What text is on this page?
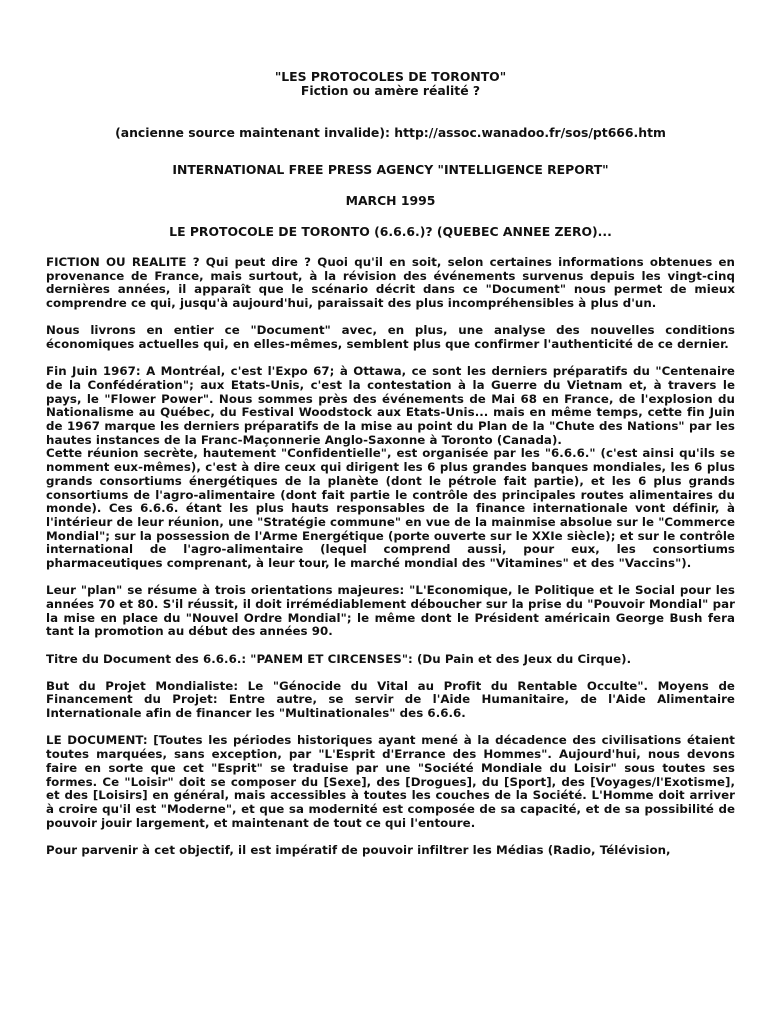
"LES PROTOCOLES DE TORONTO"

Fiction ou amère réalité ?

(ancienne source maintenant invalide): http://assoc.wanadoo.fr/sos/pt666.htm

INTERNATIONAL FREE PRESS AGENCY "INTELLIGENCE REPORT"

MARCH 1995

LE PROTOCOLE DE TORONTO (6.6.6.)? (QUEBEC ANNEE ZERO)...

FICTION OU REALITE ? Qui peut dire ? Quoi qu'il en soit, selon certaines informations obtenues en provenance de France, mais surtout, à la révision des événements survenus depuis les vingt-cinq dernières années, il apparaît que le scénario décrit dans ce "Document" nous permet de mieux comprendre ce qui, jusqu'à aujourd'hui, paraissait des plus incompréhensibles à plus d'un.

Nous livrons en entier ce "Document" avec, en plus, une analyse des nouvelles conditions économiques actuelles qui, en elles-mêmes, semblent plus que confirmer l'authenticité de ce dernier.

Fin Juin 1967: A Montréal, c'est l'Expo 67; à Ottawa, ce sont les derniers préparatifs du "Centenaire de la Confédération"; aux Etats-Unis, c'est la contestation à la Guerre du Vietnam et, à travers le pays, le "Flower Power". Nous sommes près des événements de Mai 68 en France, de l'explosion du Nationalisme au Québec, du Festival Woodstock aux Etats-Unis... mais en même temps, cette fin Juin de 1967 marque les derniers préparatifs de la mise au point du Plan de la "Chute des Nations" par les hautes instances de la Franc-Maçonnerie Anglo-Saxonne à Toronto (Canada).

Cette réunion secrète, hautement "Confidentielle", est organisée par les "6.6.6." (c'est ainsi qu'ils se nomment eux-mêmes), c'est à dire ceux qui dirigent les 6 plus grandes banques mondiales, les 6 plus grands consortiums énergétiques de la planète (dont le pétrole fait partie), et les 6 plus grands consortiums de l'agro-alimentaire (dont fait partie le contrôle des principales routes alimentaires du monde). Ces 6.6.6. étant les plus hauts responsables de la finance internationale vont définir, à l'intérieur de leur réunion, une "Stratégie commune" en vue de la mainmise absolue sur le "Commerce Mondial"; sur la possession de l'Arme Energétique (porte ouverte sur le XXIe siècle); et sur le contrôle international de l'agro-alimentaire (lequel comprend aussi, pour eux, les consortiums pharmaceutiques comprenant, à leur tour, le marché mondial des "Vitamines" et des "Vaccins").

Leur "plan" se résume à trois orientations majeures: "L'Economique, le Politique et le Social pour les années 70 et 80. S'il réussit, il doit irrémédiablement déboucher sur la prise du "Pouvoir Mondial" par la mise en place du "Nouvel Ordre Mondial"; le même dont le Président américain George Bush fera tant la promotion au début des années 90.

Titre du Document des 6.6.6.: "PANEM ET CIRCENSES": (Du Pain et des Jeux du Cirque).

But du Projet Mondialiste: Le "Génocide du Vital au Profit du Rentable Occulte". Moyens de Financement du Projet: Entre autre, se servir de l'Aide Humanitaire, de l'Aide Alimentaire Internationale afin de financer les "Multinationales" des 6.6.6.

LE DOCUMENT: [Toutes les périodes historiques ayant mené à la décadence des civilisations étaient toutes marquées, sans exception, par "L'Esprit d'Errance des Hommes". Aujourd'hui, nous devons faire en sorte que cet "Esprit" se traduise par une "Société Mondiale du Loisir" sous toutes ses formes. Ce "Loisir" doit se composer du [Sexe], des [Drogues], du [Sport], des [Voyages/l'Exotisme], et des [Loisirs] en général, mais accessibles à toutes les couches de la Société. L'Homme doit arriver à croire qu'il est "Moderne", et que sa modernité est composée de sa capacité, et de sa possibilité de pouvoir jouir largement, et maintenant de tout ce qui l'entoure.

Pour parvenir à cet objectif, il est impératif de pouvoir infiltrer les Médias (Radio, Télévision,
